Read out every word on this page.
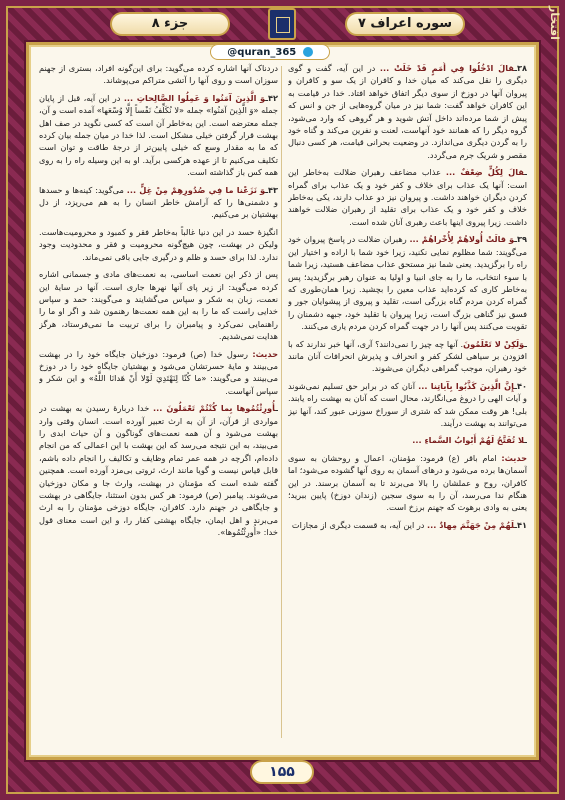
جزء ۸	سوره اعراف ۷	افتخار
@quran_365

۳۸ـقالَ ادْخُلُوا فِي أُمَمٍ قَدْ خَلَتْ ... در این آیه، گفت و گوی دیگری را نقل می‌کند که میان خدا و کافران از یک سو و کافران و پیروان آنها در دوزخ از سوی دیگر اتفاق خواهد افتاد. خدا در قیامت به این کافران خواهد گفت: شما نیز در میان گروه‌هایی از جن و انس که پیش از شما مرده‌اند داخل آتش شوید و هر گروهی که وارد می‌شود، گروه دیگر را که همانند خود آنهاست، لعنت و نفرین می‌کند و گناه خود را به گردن دیگری می‌اندازد. در وضعیت بحرانی قیامت، هر کسی دنبال مقصر و شریک جرم می‌گردد.

ـقالَ لِكُلٍّ ضِعْفٌ ... عذاب مضاعف رهبران ضلالت به‌خاطر این است: آنها یک عذاب برای خلاف و کفر خود و یک عذاب برای گمراه کردن دیگران خواهند داشت. و پیروان نیز دو عذاب دارند، یکی به‌خاطر خلاف و کفر خود و یک عذاب برای تقلید از رهبران ضلالت خواهند داشت. زیرا پیروی اینها باعث رهبری آنان شده است.

۳۹ـوَ قالَتْ أُولاهُمْ لِأُخْراهُمْ ... رهبران ضلالت در پاسخ پیروان خود می‌گویند: شما مظلوم نمایی نکنید، زیرا خود شما با اراده و اختیار این راه را برگزیدید. یعنی شما نیز مستحق عذاب مضاعف هستید، زیرا شما با سوء انتخاب، ما را به جای انبیا و اولیا به عنوان رهبر برگزیدید؛ پس به‌خاطر کاری که کرده‌اید عذاب معین را بچشید. زیرا همان‌طوری که گمراه کردن مردم گناه بزرگی است، تقلید و پیروی از پیشوایان جور و فسق نیز گناهی بزرگ است، زیرا پیروان با تقلید خود، جبهه دشمنان را تقویت می‌کنند پس آنها را در جهت گمراه کردن مردم یاری می‌کنند.

ـوَلَكِنْ لا تَعْلَمُونَ. آنها چه چیز را نمی‌دانند؟ آری، آنها خبر ندارند که با افزودن بر سیاهی لشکر کفر و انحراف و پذیرش انحرافات آنان مانند خود رهبران، موجب گمراهی دیگران می‌شوند.

۴۰ـإِنَّ الَّذِينَ كَذَّبُوا بِآياتِنا ... آنان که در برابر حق تسلیم نمی‌شوند و آیات الهی را دروغ می‌انگارند، محال است که آنان به بهشت راه یابند. بلی! هر وقت ممکن شد که شتری از سوراخ سوزنی عبور کند، آنها نیز می‌توانند به بهشت درآیند.

ـلا تُفَتَّحُ لَهُمْ أَبْوابُ السَّماءِ ...

حدیث: امام باقر (ع) فرمود: مؤمنان، اعمال و روحشان به سوی آسمان‌ها برده می‌شود و درهای آسمان به روی آنها گشوده می‌شود؛ اما کافران، روح و عملشان را بالا می‌برند تا به آسمان برسند. در این هنگام ندا می‌رسد، آن را به سوی سجین (زندان دوزخ) پایین ببرید؛ یعنی به وادی برهوت که جهنم برزخ است.

۴۱ـلَهُمْ مِنْ جَهَنَّمَ مِهادٌ ... در این آیه، به قسمت دیگری از مجازات

دردناک آنها اشاره کرده می‌گوید: برای این‌گونه افراد، بستری از جهنم سوزان است و روی آنها را آتشی متراکم می‌پوشاند.

۴۲ـوَ الَّذِينَ آمَنُوا وَ عَمِلُوا الصَّالِحاتِ ... در این آیه، قبل از پایان جمله «وَ الَّذِينَ آمَنُوا» جمله «لا نُكَلِّفُ نَفْساً إِلَّا وُسْعَها» آمده است و آن، جمله معترضه است. این به‌خاطر آن است که کسی نگوید در صف اهل بهشت قرار گرفتن خیلی مشکل است. لذا خدا در میان جمله بیان کرده که ما به مقدار وسع که خیلی پایین‌تر از درجۀ طاقت و توان است تکلیف می‌کنیم تا از عهده هرکسی برآید. او به این وسیله راه را به روی همه کس باز گذاشته است.

۴۳ـوَ نَزَعْنا ما فِي صُدُورِهِمْ مِنْ غِلٍّ ... می‌گوید: کینه‌ها و حسدها و دشمنی‌ها را که آرامش خاطر انسان را به هم می‌ریزد، از دل بهشتیان بر می‌کنیم.

انگیزۀ حسد در این دنیا غالباً به‌خاطر فقر و کمبود و محرومیت‌هاست. ولیکن در بهشت، چون هیچ‌گونه محرومیت و فقر و محدودیت وجود ندارد. لذا برای حسد و ظلم و درگیری جایی باقی نمی‌ماند.

پس از ذکر این نعمت اساسی، به نعمت‌های مادی و جسمانی اشاره کرده می‌گوید: از زیر پای آنها نهرها جاری است. آنها در سایۀ این نعمت، زبان به شکر و سپاس می‌گشایند و می‌گویند: حمد و سپاس خدایی راست که ما را به این همه نعمت‌ها رهنمون شد و اگر او ما را راهنمایی نمی‌کرد و پیامبران را برای تربیت ما نمی‌فرستاد، هرگز هدایت نمی‌شدیم.

حدیث: رسول خدا (ص) فرمود: دوزخیان جایگاه خود را در بهشت می‌بینند و مایۀ حسرتشان می‌شود و بهشتیان جایگاه خود را در دوزخ می‌بینند و می‌گویند: «ما كُنّا لِنَهْتَدِيَ لَوْلا أَنْ هَدانَا اللَّهُ» و این شکر و سپاس آنهاست.

ـأُورِثْتُمُوها بِما كُنْتُمْ تَعْمَلُونَ ... خدا دربارۀ رسیدن به بهشت در مواردی از قرآن، از آن به ارث تعبیر آورده است. انسان وقتی وارد بهشت می‌شود و آن همه نعمت‌های گوناگون و آن حیات ابدی را می‌بیند، به این نتیجه می‌رسد که این بهشت با این اعمالی که من انجام داده‌ام، اگرچه در همه عمر تمام وظایف و تکالیف را انجام داده باشم، قابل قیاس نیست و گویا مانند ارث، ثروتی بی‌مزد آورده است. همچنین گفته شده است که مؤمنان در بهشت، وارث جا و مکان دوزخیان می‌شوند. پیامبر (ص) فرمود: هر کس بدون استثنا، جایگاهی در بهشت و جایگاهی در جهنم دارد. کافران، جایگاه دوزخی مؤمنان را به ارث می‌برند و اهل ایمان، جایگاه بهشتی کفار را، و این است معنای قول خدا: «أُورِثْتُمُوها».

۱۵۵
